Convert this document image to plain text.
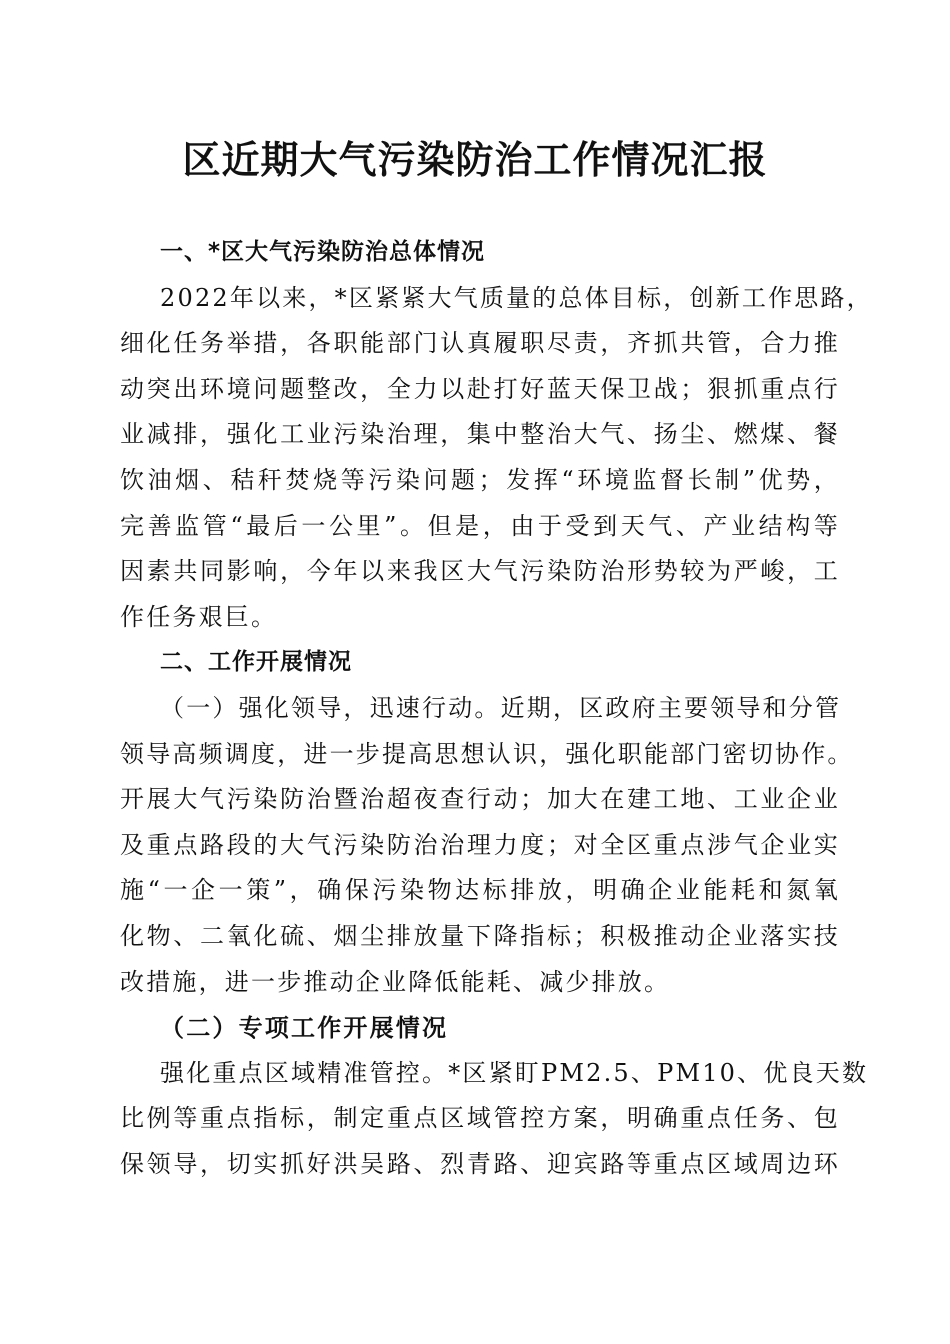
区近期大气污染防治工作情况汇报
一、*区大气污染防治总体情况
2022年以来，*区紧紧大气质量的总体目标，创新工作思路，
细化任务举措，各职能部门认真履职尽责，齐抓共管，合力推
动突出环境问题整改，全力以赴打好蓝天保卫战；狠抓重点行
业减排，强化工业污染治理，集中整治大气、扬尘、燃煤、餐
饮油烟、秸秆焚烧等污染问题；发挥“环境监督长制”优势，
完善监管“最后一公里”。但是，由于受到天气、产业结构等
因素共同影响，今年以来我区大气污染防治形势较为严峻，工
作任务艰巨。
二、工作开展情况
（一）强化领导，迅速行动。近期，区政府主要领导和分管
领导高频调度，进一步提高思想认识，强化职能部门密切协作。
开展大气污染防治暨治超夜查行动；加大在建工地、工业企业
及重点路段的大气污染防治治理力度；对全区重点涉气企业实
施“一企一策”，确保污染物达标排放，明确企业能耗和氮氧
化物、二氧化硫、烟尘排放量下降指标；积极推动企业落实技
改措施，进一步推动企业降低能耗、减少排放。
（二）专项工作开展情况
强化重点区域精准管控。*区紧盯PM2.5、PM10、优良天数
比例等重点指标，制定重点区域管控方案，明确重点任务、包
保领导，切实抓好洪吴路、烈青路、迎宾路等重点区域周边环
